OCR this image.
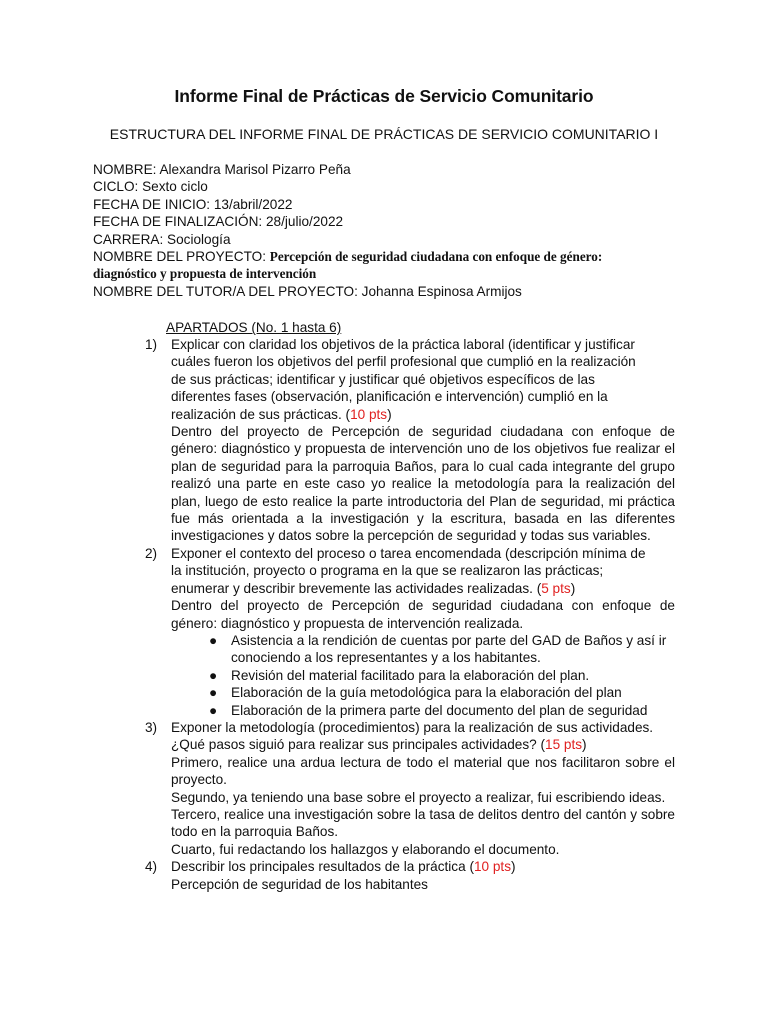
Informe Final de Prácticas de Servicio Comunitario
ESTRUCTURA DEL INFORME FINAL DE PRÁCTICAS DE SERVICIO COMUNITARIO I
NOMBRE: Alexandra Marisol Pizarro Peña
CICLO: Sexto ciclo
FECHA DE INICIO: 13/abril/2022
FECHA DE FINALIZACIÓN: 28/julio/2022
CARRERA: Sociología
NOMBRE DEL PROYECTO: Percepción de seguridad ciudadana con enfoque de género:
diagnóstico y propuesta de intervención
NOMBRE DEL TUTOR/A DEL PROYECTO: Johanna Espinosa Armijos
APARTADOS (No. 1 hasta 6)
1) Explicar con claridad los objetivos de la práctica laboral (identificar y justificar
cuáles fueron los objetivos del perfil profesional que cumplió en la realización
de sus prácticas; identificar y justificar qué objetivos específicos de las
diferentes fases (observación, planificación e intervención) cumplió en la
realización de sus prácticas. (10 pts)
Dentro del proyecto de Percepción de seguridad ciudadana con enfoque de género: diagnóstico y propuesta de intervención uno de los objetivos fue realizar el plan de seguridad para la parroquia Baños, para lo cual cada integrante del grupo realizó una parte en este caso yo realice la metodología para la realización del plan, luego de esto realice la parte introductoria del Plan de seguridad, mi práctica fue más orientada a la investigación y la escritura, basada en las diferentes investigaciones y datos sobre la percepción de seguridad y todas sus variables.
2) Exponer el contexto del proceso o tarea encomendada (descripción mínima de
la institución, proyecto o programa en la que se realizaron las prácticas;
enumerar y describir brevemente las actividades realizadas. (5 pts)
Dentro del proyecto de Percepción de seguridad ciudadana con enfoque de género: diagnóstico y propuesta de intervención realizada.
● Asistencia a la rendición de cuentas por parte del GAD de Baños y así ir conociendo a los representantes y a los habitantes.
● Revisión del material facilitado para la elaboración del plan.
● Elaboración de la guía metodológica para la elaboración del plan
● Elaboración de la primera parte del documento del plan de seguridad
3) Exponer la metodología (procedimientos) para la realización de sus actividades.
¿Qué pasos siguió para realizar sus principales actividades? (15 pts)
Primero, realice una ardua lectura de todo el material que nos facilitaron sobre el proyecto.
Segundo, ya teniendo una base sobre el proyecto a realizar, fui escribiendo ideas.
Tercero, realice una investigación sobre la tasa de delitos dentro del cantón y sobre todo en la parroquia Baños.
Cuarto, fui redactando los hallazgos y elaborando el documento.
4) Describir los principales resultados de la práctica (10 pts)
Percepción de seguridad de los habitantes
